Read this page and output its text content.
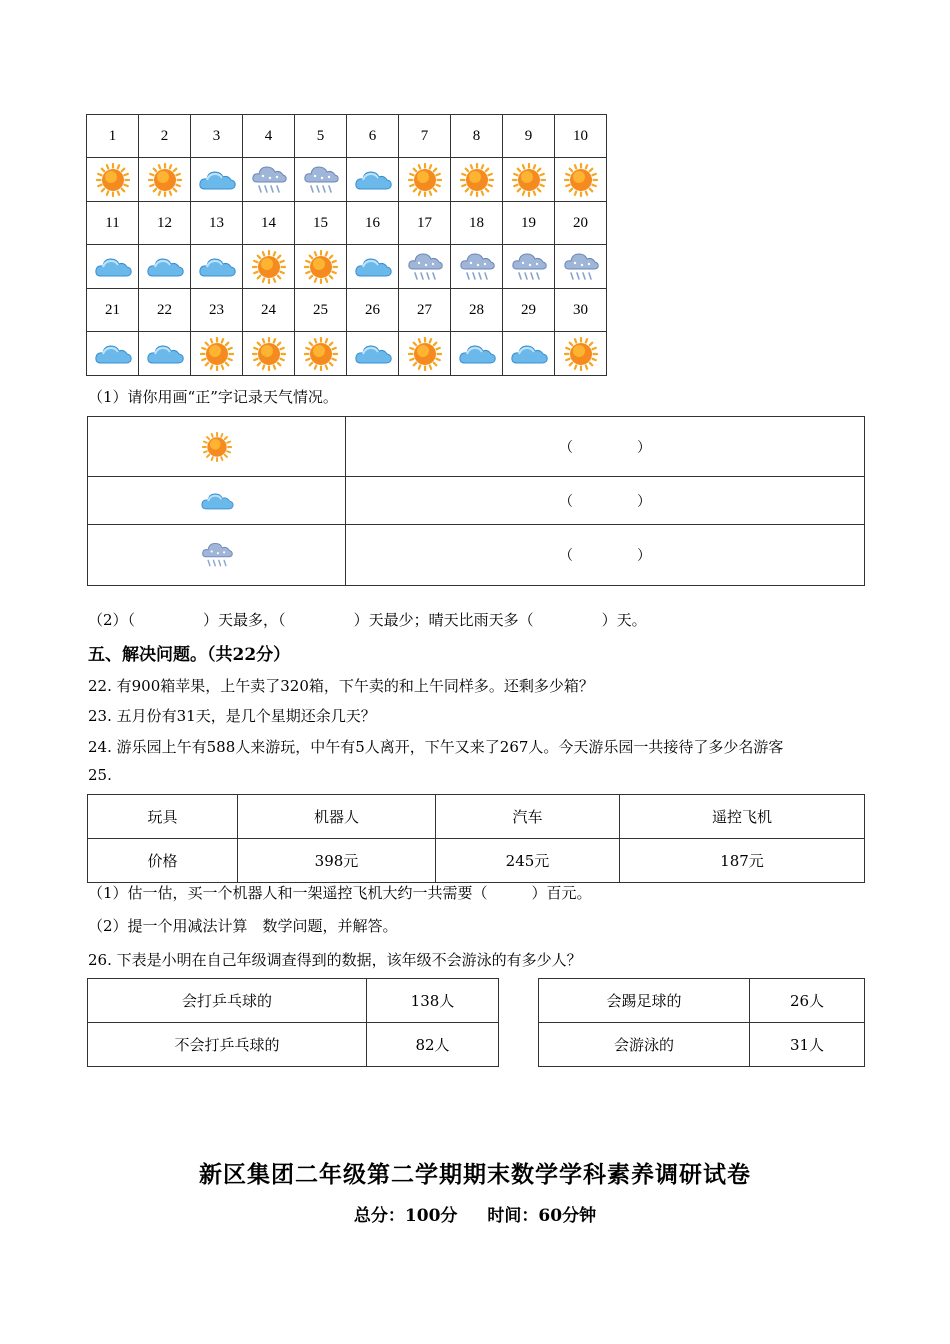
1	2	3	4	5	6	7	8	9	10

11	12	13	14	15	16	17	18	19	20

21	22	23	24	25	26	27	28	29	30

（1）请你用画“正”字记录天气情况。
	（ ）

	（ ）

	（ ）
（2）（	）天最多，（	）天最少；晴天比雨天多（	）天。
五、解决问题。（共22分）
22. 有900箱苹果，上午卖了320箱，下午卖的和上午同样多。还剩多少箱？
23. 五月份有31天，是几个星期还余几天？
24. 游乐园上午有588人来游玩，中午有5人离开，下午又来了267人。今天游乐园一共接待了多少名游客
25.
玩具	机器人	汽车	遥控飞机
价格	398元	245元	187元
（1）估一估，买一个机器人和一架遥控飞机大约一共需要（	）百元。
（2）提一个用减法计算　数学问题，并解答。
26. 下表是小明在自己年级调查得到的数据，该年级不会游泳的有多少人？
会打乒乓球的	138人
不会打乒乓球的	82人
会踢足球的	26人
会游泳的	31人
新区集团二年级第二学期期末数学学科素养调研试卷
总分：100分 时间：60分钟
